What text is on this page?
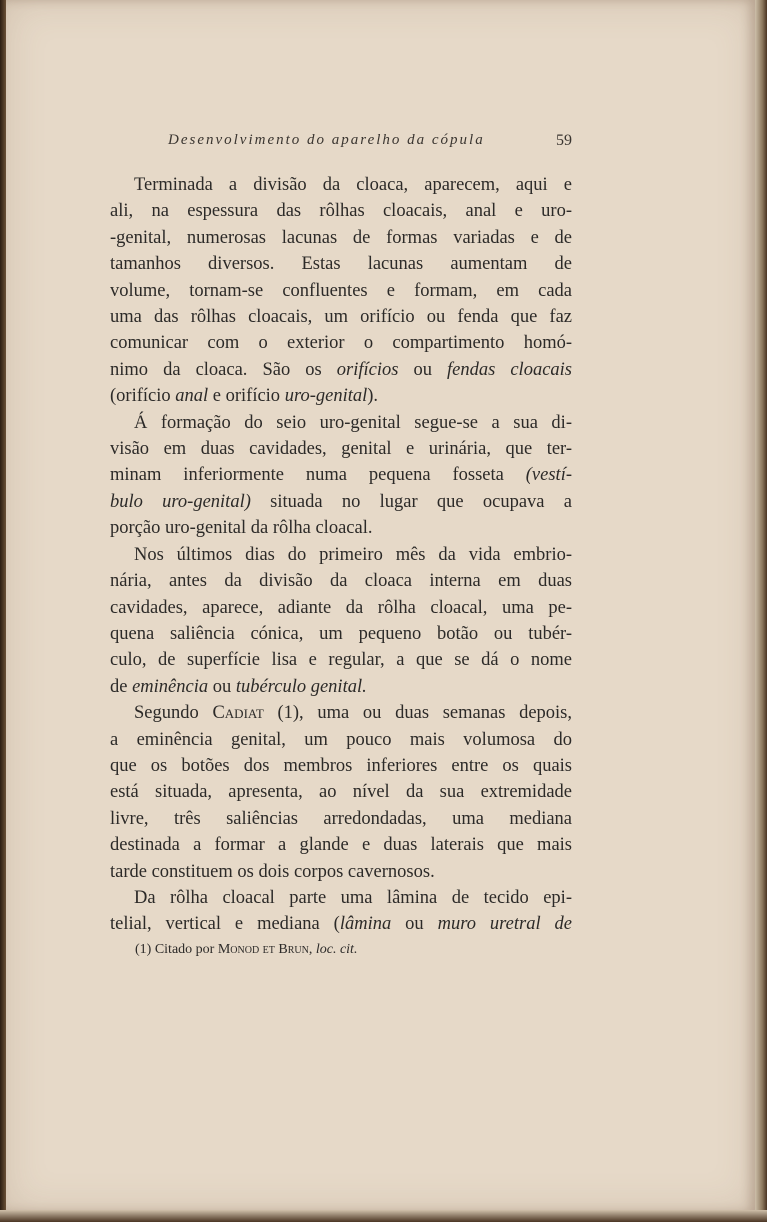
Desenvolvimento do aparelho da cópula	59
Terminada a divisão da cloaca, aparecem, aqui e
ali, na espessura das rôlhas cloacais, anal e uro-
-genital, numerosas lacunas de formas variadas e de
tamanhos diversos. Estas lacunas aumentam de
volume, tornam-se confluentes e formam, em cada
uma das rôlhas cloacais, um orifício ou fenda que faz
comunicar com o exterior o compartimento homó-
nimo da cloaca. São os orifícios ou fendas cloacais
(orifício anal e orifício uro-genital).
Á formação do seio uro-genital segue-se a sua di-
visão em duas cavidades, genital e urinária, que ter-
minam inferiormente numa pequena fosseta (vestí-
bulo uro-genital) situada no lugar que ocupava a
porção uro-genital da rôlha cloacal.
Nos últimos dias do primeiro mês da vida embrio-
nária, antes da divisão da cloaca interna em duas
cavidades, aparece, adiante da rôlha cloacal, uma pe-
quena saliência cónica, um pequeno botão ou tubér-
culo, de superfície lisa e regular, a que se dá o nome
de eminência ou tubérculo genital.
Segundo Cadiat (1), uma ou duas semanas depois,
a eminência genital, um pouco mais volumosa do
que os botões dos membros inferiores entre os quais
está situada, apresenta, ao nível da sua extremidade
livre, três saliências arredondadas, uma mediana
destinada a formar a glande e duas laterais que mais
tarde constituem os dois corpos cavernosos.
Da rôlha cloacal parte uma lâmina de tecido epi-
telial, vertical e mediana (lâmina ou muro uretral de
(1) Citado por Monod et Brun, loc. cit.
